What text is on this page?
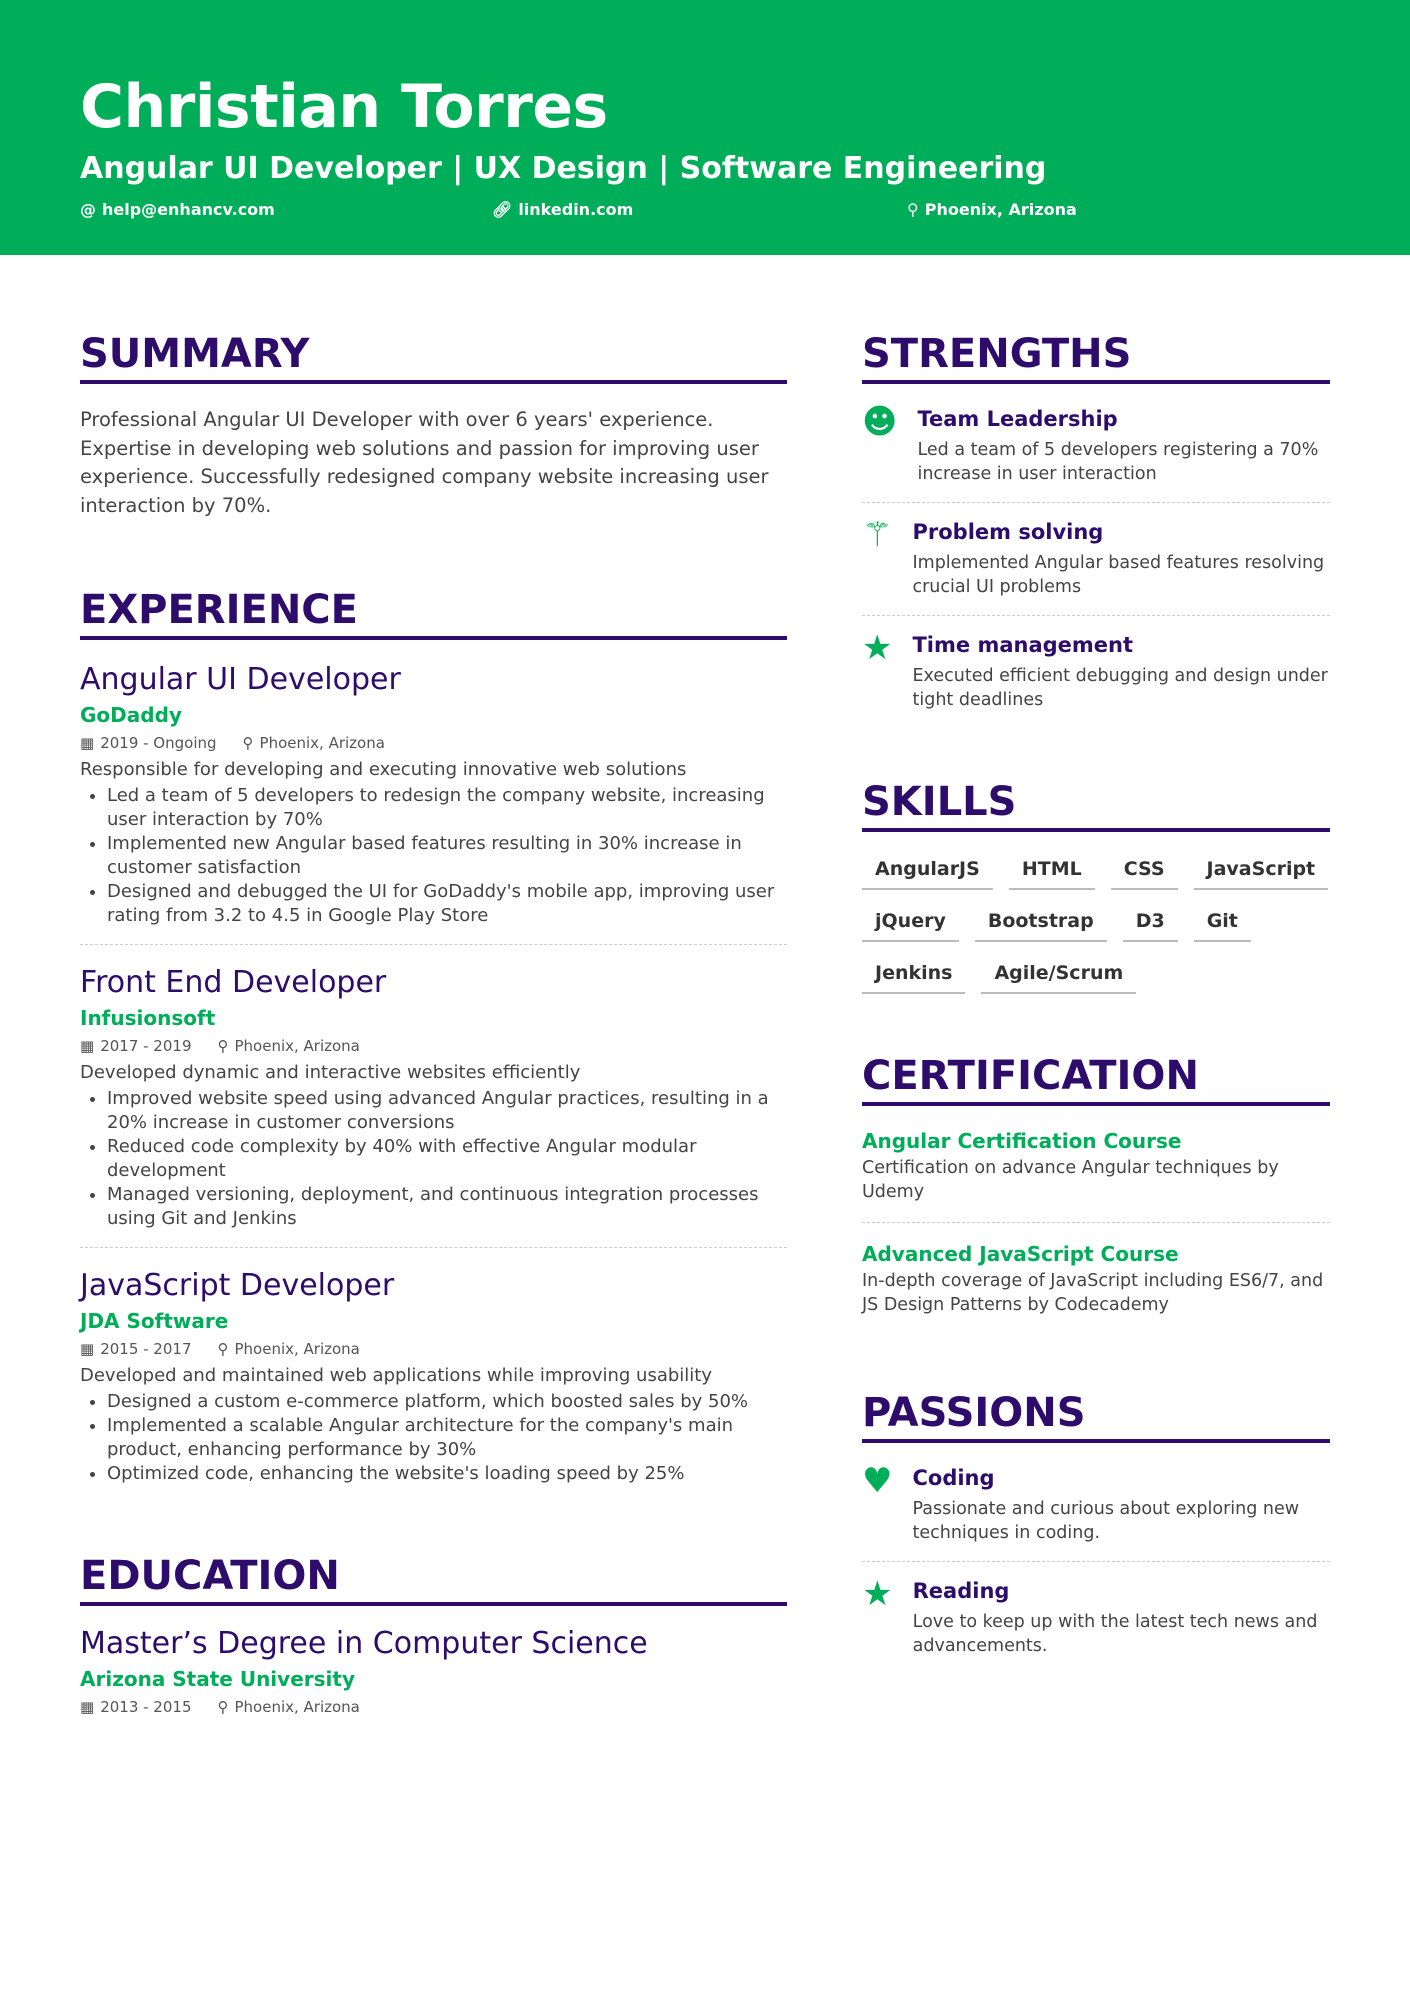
Christian Torres
Angular UI Developer | UX Design | Software Engineering
@ help@enhancv.com	🔗︎ linkedin.com	⚲ Phoenix, Arizona
SUMMARY

Professional Angular UI Developer with over 6 years' experience. Expertise in developing web solutions and passion for improving user experience. Successfully redesigned company website increasing user interaction by 70%.

EXPERIENCE
Angular UI Developer
GoDaddy
▦ 2019 - Ongoing ⚲ Phoenix, Arizona
Responsible for developing and executing innovative web solutions
• Led a team of 5 developers to redesign the company website, increasing user interaction by 70%
• Implemented new Angular based features resulting in 30% increase in customer satisfaction
• Designed and debugged the UI for GoDaddy's mobile app, improving user rating from 3.2 to 4.5 in Google Play Store
Front End Developer
Infusionsoft
▦ 2017 - 2019 ⚲ Phoenix, Arizona
Developed dynamic and interactive websites efficiently
• Improved website speed using advanced Angular practices, resulting in a 20% increase in customer conversions
• Reduced code complexity by 40% with effective Angular modular development
• Managed versioning, deployment, and continuous integration processes using Git and Jenkins
JavaScript Developer
JDA Software
▦ 2015 - 2017 ⚲ Phoenix, Arizona
Developed and maintained web applications while improving usability
• Designed a custom e-commerce platform, which boosted sales by 50%
• Implemented a scalable Angular architecture for the company's main product, enhancing performance by 30%
• Optimized code, enhancing the website's loading speed by 25%
EDUCATION
Master’s Degree in Computer Science
Arizona State University
▦ 2013 - 2015 ⚲ Phoenix, Arizona
STRENGTHS
☻ Team Leadership
Led a team of 5 developers registering a 70% increase in user interaction
⚚ Problem solving
Implemented Angular based features resolving crucial UI problems
★ Time management
Executed efficient debugging and design under tight deadlines
SKILLS
AngularJS	HTML	CSS	JavaScript
jQuery	Bootstrap	D3	Git
Jenkins	Agile/Scrum
CERTIFICATION
Angular Certification Course
Certification on advance Angular techniques by Udemy
Advanced JavaScript Course
In-depth coverage of JavaScript including ES6/7, and JS Design Patterns by Codecademy
PASSIONS
♥ Coding
Passionate and curious about exploring new techniques in coding.
★ Reading
Love to keep up with the latest tech news and advancements.
